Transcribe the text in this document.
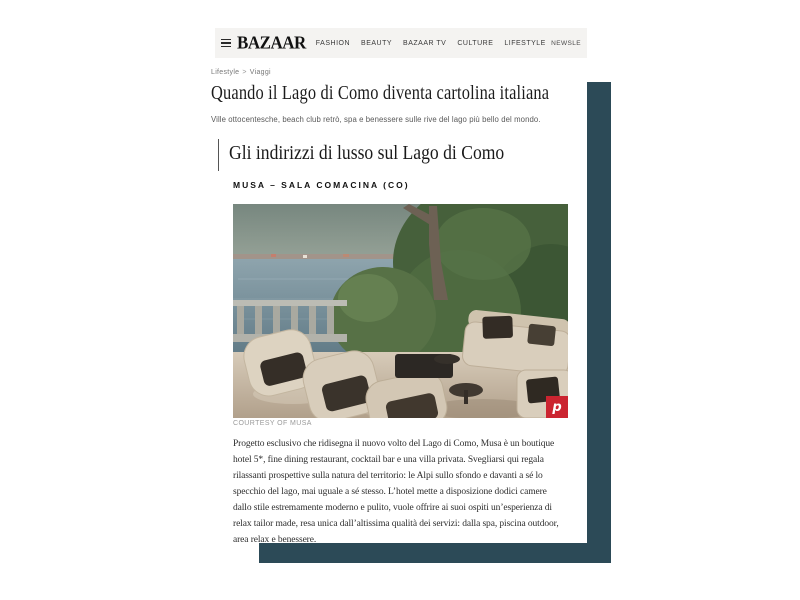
BAZAAR FASHION BEAUTY BAZAAR TV CULTURE LIFESTYLE NEWSLE
Lifestyle > Viaggi
Quando il Lago di Como diventa cartolina italiana
Ville ottocentesche, beach club retrò, spa e benessere sulle rive del lago più bello del mondo.
Gli indirizzi di lusso sul Lago di Como
MUSA – SALA COMACINA (CO)
p
COURTESY OF MUSA

Progetto esclusivo che ridisegna il nuovo volto del Lago di Como, Musa è un boutique hotel 5*, fine dining restaurant, cocktail bar e una villa privata. Svegliarsi qui regala rilassanti prospettive sulla natura del territorio: le Alpi sullo sfondo e davanti a sé lo specchio del lago, mai uguale a sé stesso. L’hotel mette a disposizione dodici camere dallo stile estremamente moderno e pulito, vuole offrire ai suoi ospiti un’esperienza di relax tailor made, resa unica dall’altissima qualità dei servizi: dalla spa, piscina outdoor, area relax e benessere.
